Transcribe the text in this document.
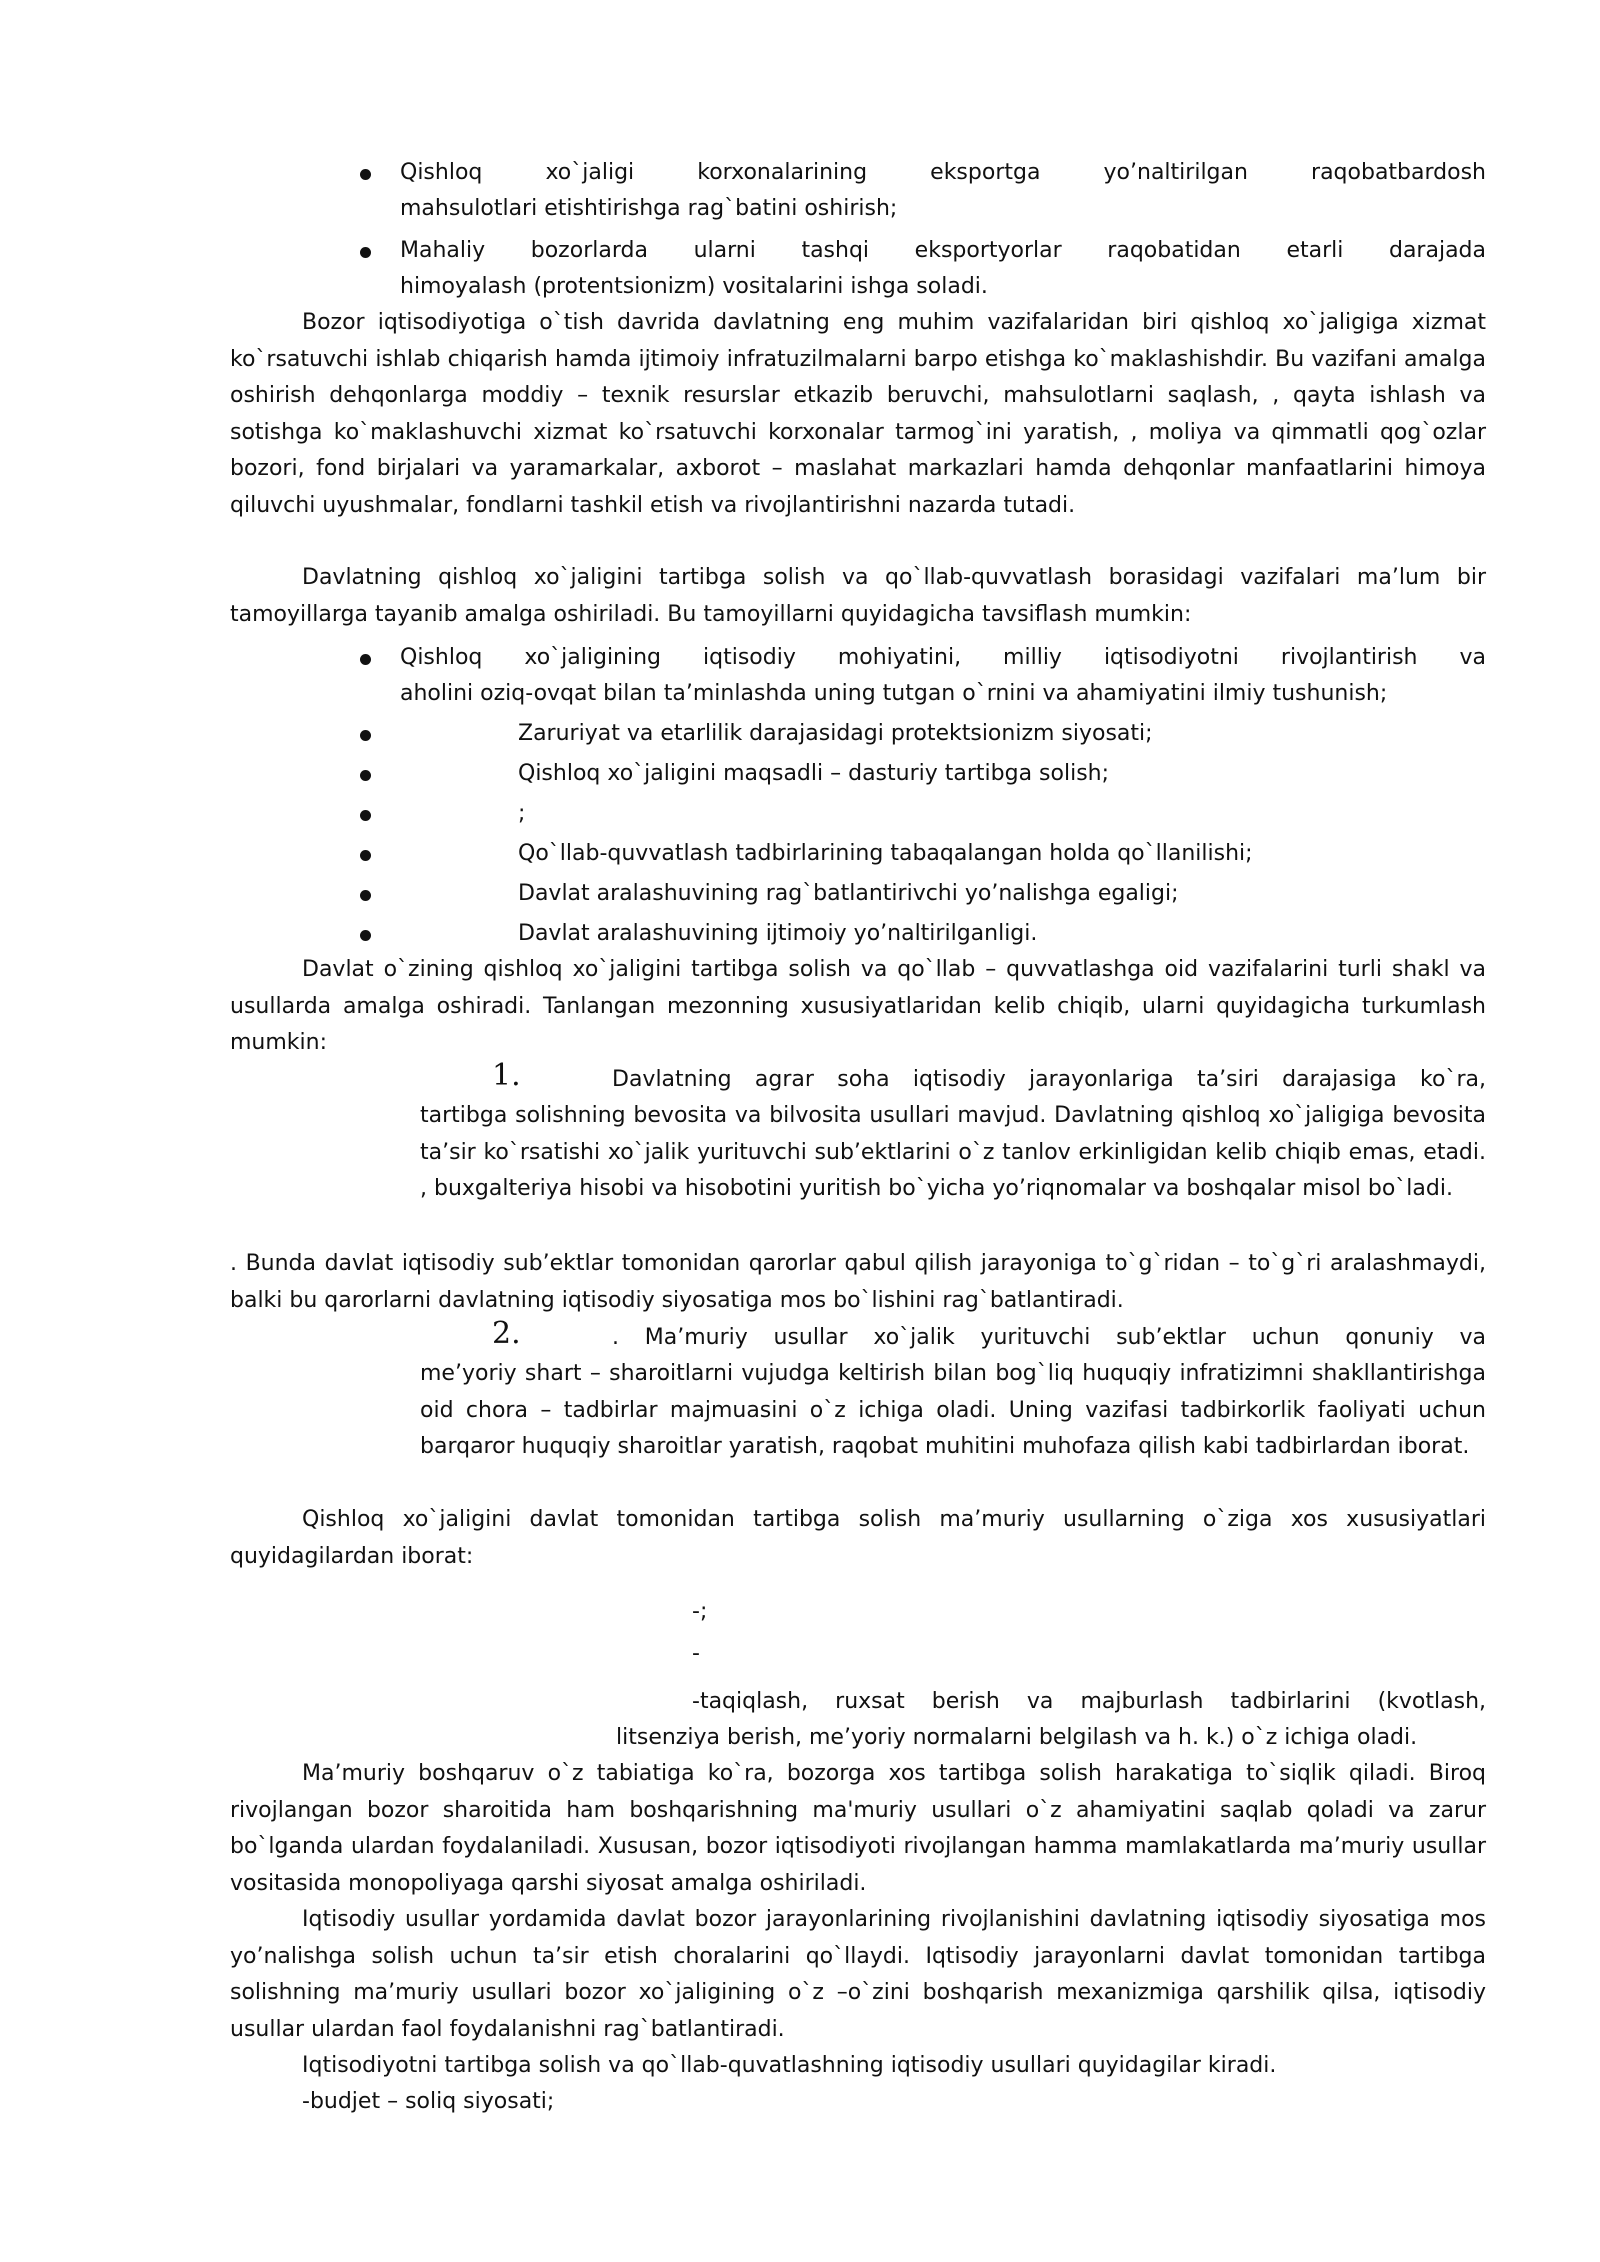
Qishloq xo`jaligi korxonalarining eksportga yo’naltirilgan raqobatbardosh

mahsulotlari etishtirishga rag`batini oshirish;

Mahaliy bozorlarda ularni tashqi eksportyorlar raqobatidan etarli darajada

himoyalash (protentsionizm) vositalarini ishga soladi.

Bozor iqtisodiyotiga o`tish davrida davlatning eng muhim vazifalaridan biri qishloq xo`jaligiga xizmat ko`rsatuvchi ishlab chiqarish hamda ijtimoiy infratuzilmalarni barpo etishga ko`maklashishdir. Bu vazifani amalga oshirish dehqonlarga moddiy – texnik resurslar etkazib beruvchi, mahsulotlarni saqlash, , qayta ishlash va sotishga ko`maklashuvchi xizmat ko`rsatuvchi korxonalar tarmog`ini yaratish, , moliya va qimmatli qog`ozlar bozori, fond birjalari va yaramarkalar, axborot – maslahat markazlari hamda dehqonlar manfaatlarini himoya qiluvchi uyushmalar, fondlarni tashkil etish va rivojlantirishni nazarda tutadi.

Davlatning qishloq xo`jaligini tartibga solish va qo`llab-quvvatlash borasidagi vazifalari ma’lum bir tamoyillarga tayanib amalga oshiriladi. Bu tamoyillarni quyidagicha tavsiflash mumkin:

Qishloq xo`jaligining iqtisodiy mohiyatini, milliy iqtisodiyotni rivojlantirish va

aholini oziq-ovqat bilan ta’minlashda uning tutgan o`rnini va ahamiyatini ilmiy tushunish;

Zaruriyat va etarlilik darajasidagi protektsionizm siyosati;

Qishloq xo`jaligini maqsadli – dasturiy tartibga solish;

;

Qo`llab-quvvatlash tadbirlarining tabaqalangan holda qo`llanilishi;

Davlat aralashuvining rag`batlantirivchi yo’nalishga egaligi;

Davlat aralashuvining ijtimoiy yo’naltirilganligi.

Davlat o`zining qishloq xo`jaligini tartibga solish va qo`llab – quvvatlashga oid vazifalarini turli shakl va usullarda amalga oshiradi. Tanlangan mezonning xususiyatlaridan kelib chiqib, ularni quyidagicha turkumlash mumkin:

1.	Davlatning agrar soha iqtisodiy jarayonlariga ta’siri darajasiga ko`ra,

tartibga solishning bevosita va bilvosita usullari mavjud. Davlatning qishloq xo`jaligiga bevosita ta’sir ko`rsatishi xo`jalik yurituvchi sub’ektlarini o`z tanlov erkinligidan kelib chiqib emas, etadi. , buxgalteriya hisobi va hisobotini yuritish bo`yicha yo’riqnomalar va boshqalar misol bo`ladi.

. Bunda davlat iqtisodiy sub’ektlar tomonidan qarorlar qabul qilish jarayoniga to`g`ridan – to`g`ri aralashmaydi, balki bu qarorlarni davlatning iqtisodiy siyosatiga mos bo`lishini rag`batlantiradi.

2.	. Ma’muriy usullar xo`jalik yurituvchi sub’ektlar uchun qonuniy va

me’yoriy shart – sharoitlarni vujudga keltirish bilan bog`liq huquqiy infratizimni shakllantirishga oid chora – tadbirlar majmuasini o`z ichiga oladi. Uning vazifasi tadbirkorlik faoliyati uchun barqaror huquqiy sharoitlar yaratish, raqobat muhitini muhofaza qilish kabi tadbirlardan iborat.

Qishloq xo`jaligini davlat tomonidan tartibga solish ma’muriy usullarning o`ziga xos xususiyatlari quyidagilardan iborat:

-;

-

-taqiqlash, ruxsat berish va majburlash tadbirlarini (kvotlash,

litsenziya berish, me’yoriy normalarni belgilash va h. k.) o`z ichiga oladi.

Ma’muriy boshqaruv o`z tabiatiga ko`ra, bozorga xos tartibga solish harakatiga to`siqlik qiladi. Biroq rivojlangan bozor sharoitida ham boshqarishning ma'muriy usullari o`z ahamiyatini saqlab qoladi va zarur bo`lganda ulardan foydalaniladi. Xususan, bozor iqtisodiyoti rivojlangan hamma mamlakatlarda ma’muriy usullar vositasida monopoliyaga qarshi siyosat amalga oshiriladi.

Iqtisodiy usullar yordamida davlat bozor jarayonlarining rivojlanishini davlatning iqtisodiy siyosatiga mos yo’nalishga solish uchun ta’sir etish choralarini qo`llaydi. Iqtisodiy jarayonlarni davlat tomonidan tartibga solishning ma’muriy usullari bozor xo`jaligining o`z –o`zini boshqarish mexanizmiga qarshilik qilsa, iqtisodiy usullar ulardan faol foydalanishni rag`batlantiradi.

Iqtisodiyotni tartibga solish va qo`llab-quvatlashning iqtisodiy usullari quyidagilar kiradi.

-budjet – soliq siyosati;
